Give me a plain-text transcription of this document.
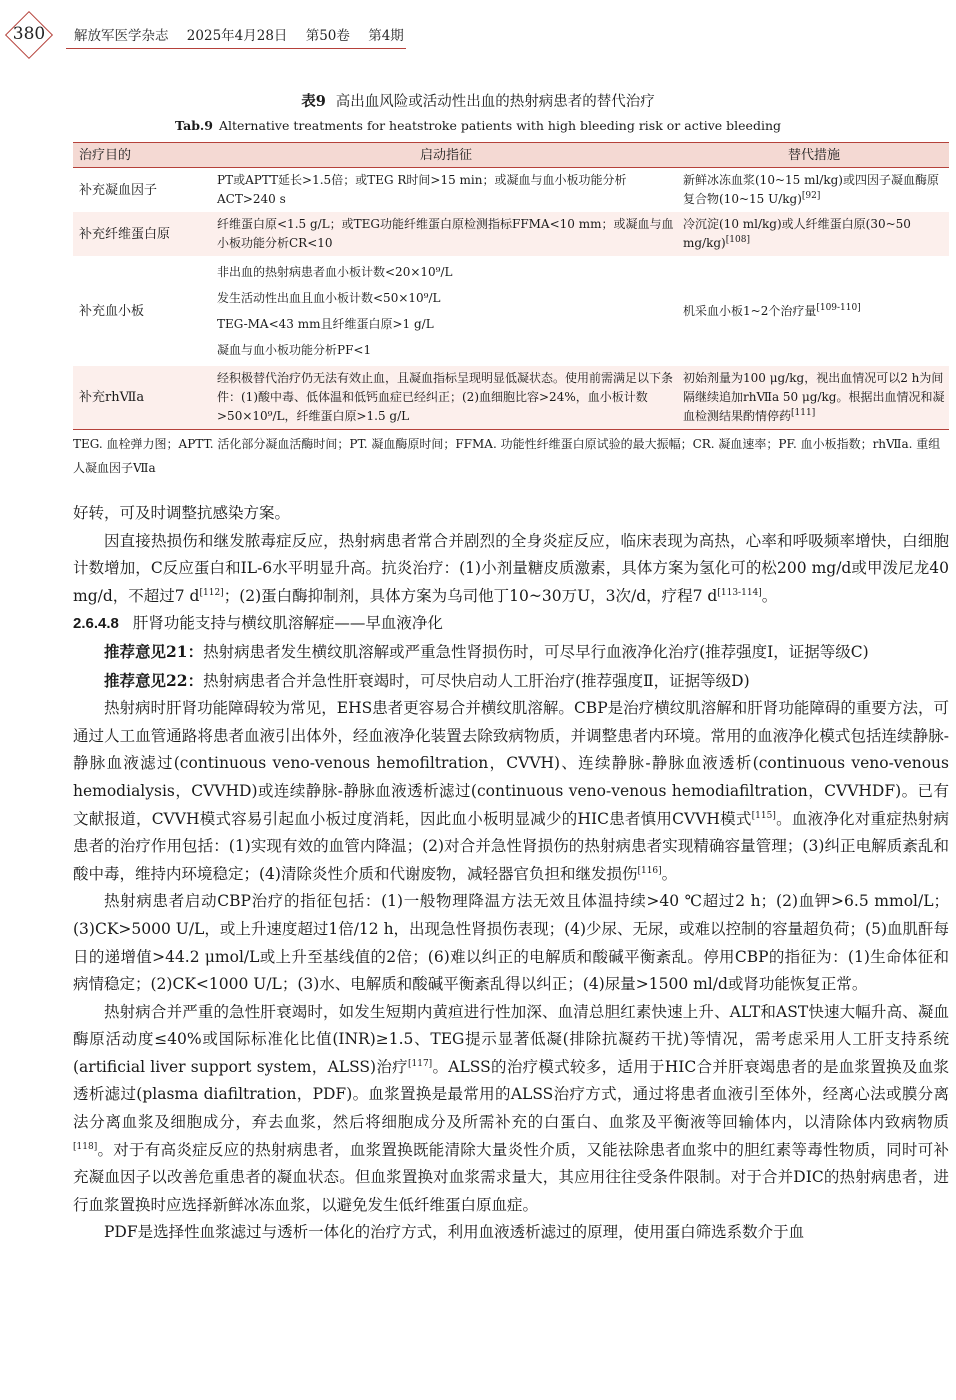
380	解放军医学杂志 2025年4月28日 第50卷 第4期
表9 高出血风险或活动性出血的热射病患者的替代治疗
Tab.9 Alternative treatments for heatstroke patients with high bleeding risk or active bleeding
治疗目的	启动指征	替代措施
补充凝血因子	PT或APTT延长>1.5倍；或TEG R时间>15 min；或凝血与血小板功能分析ACT>240 s	新鲜冰冻血浆(10~15 ml/kg)或四因子凝血酶原复合物(10~15 U/kg)[92]
补充纤维蛋白原	纤维蛋白原<1.5 g/L；或TEG功能纤维蛋白原检测指标FFMA<10 mm；或凝血与血小板功能分析CR<10	冷沉淀(10 ml/kg)或人纤维蛋白原(30~50 mg/kg)[108]
补充血小板	非出血的热射病患者血小板计数<20×10⁹/L
发生活动性出血且血小板计数<50×10⁹/L
TEG-MA<43 mm且纤维蛋白原>1 g/L
凝血与血小板功能分析PF<1	机采血小板1~2个治疗量[109-110]
补充rhⅦa	经积极替代治疗仍无法有效止血，且凝血指标呈现明显低凝状态。使用前需满足以下条件：(1)酸中毒、低体温和低钙血症已经纠正；(2)血细胞比容>24%，血小板计数>50×10⁹/L，纤维蛋白原>1.5 g/L	初始剂量为100 μg/kg，视出血情况可以2 h为间隔继续追加rhⅦa 50 μg/kg。根据出血情况和凝血检测结果酌情停药[111]
TEG. 血栓弹力图；APTT. 活化部分凝血活酶时间；PT. 凝血酶原时间；FFMA. 功能性纤维蛋白原试验的最大振幅；CR. 凝血速率；PF. 血小板指数；rhⅦa. 重组人凝血因子Ⅶa

好转，可及时调整抗感染方案。

因直接热损伤和继发脓毒症反应，热射病患者常合并剧烈的全身炎症反应，临床表现为高热，心率和呼吸频率增快，白细胞计数增加，C反应蛋白和IL-6水平明显升高。抗炎治疗：(1)小剂量糖皮质激素，具体方案为氢化可的松200 mg/d或甲泼尼龙40 mg/d，不超过7 d[112]；(2)蛋白酶抑制剂，具体方案为乌司他丁10~30万U，3次/d，疗程7 d[113-114]。

2.6.4.8 肝肾功能支持与横纹肌溶解症——早血液净化

推荐意见21：热射病患者发生横纹肌溶解或严重急性肾损伤时，可尽早行血液净化治疗(推荐强度Ⅰ，证据等级C)

推荐意见22：热射病患者合并急性肝衰竭时，可尽快启动人工肝治疗(推荐强度Ⅱ，证据等级D)

热射病时肝肾功能障碍较为常见，EHS患者更容易合并横纹肌溶解。CBP是治疗横纹肌溶解和肝肾功能障碍的重要方法，可通过人工血管通路将患者血液引出体外，经血液净化装置去除致病物质，并调整患者内环境。常用的血液净化模式包括连续静脉-静脉血液滤过(continuous veno-venous hemofiltration，CVVH)、连续静脉-静脉血液透析(continuous veno-venous hemodialysis，CVVHD)或连续静脉-静脉血液透析滤过(continuous veno-venous hemodiafiltration，CVVHDF)。已有文献报道，CVVH模式容易引起血小板过度消耗，因此血小板明显减少的HIC患者慎用CVVH模式[115]。血液净化对重症热射病患者的治疗作用包括：(1)实现有效的血管内降温；(2)对合并急性肾损伤的热射病患者实现精确容量管理；(3)纠正电解质紊乱和酸中毒，维持内环境稳定；(4)清除炎性介质和代谢废物，减轻器官负担和继发损伤[116]。

热射病患者启动CBP治疗的指征包括：(1)一般物理降温方法无效且体温持续>40 ℃超过2 h；(2)血钾>6.5 mmol/L；(3)CK>5000 U/L，或上升速度超过1倍/12 h，出现急性肾损伤表现；(4)少尿、无尿，或难以控制的容量超负荷；(5)血肌酐每日的递增值>44.2 μmol/L或上升至基线值的2倍；(6)难以纠正的电解质和酸碱平衡紊乱。停用CBP的指征为：(1)生命体征和病情稳定；(2)CK<1000 U/L；(3)水、电解质和酸碱平衡紊乱得以纠正；(4)尿量>1500 ml/d或肾功能恢复正常。

热射病合并严重的急性肝衰竭时，如发生短期内黄疸进行性加深、血清总胆红素快速上升、ALT和AST快速大幅升高、凝血酶原活动度≤40%或国际标准化比值(INR)≥1.5、TEG提示显著低凝(排除抗凝药干扰)等情况，需考虑采用人工肝支持系统(artificial liver support system，ALSS)治疗[117]。ALSS的治疗模式较多，适用于HIC合并肝衰竭患者的是血浆置换及血浆透析滤过(plasma diafiltration，PDF)。血浆置换是最常用的ALSS治疗方式，通过将患者血液引至体外，经离心法或膜分离法分离血浆及细胞成分，弃去血浆，然后将细胞成分及所需补充的白蛋白、血浆及平衡液等回输体内，以清除体内致病物质[118]。对于有高炎症反应的热射病患者，血浆置换既能清除大量炎性介质，又能祛除患者血浆中的胆红素等毒性物质，同时可补充凝血因子以改善危重患者的凝血状态。但血浆置换对血浆需求量大，其应用往往受条件限制。对于合并DIC的热射病患者，进行血浆置换时应选择新鲜冰冻血浆，以避免发生低纤维蛋白原血症。

PDF是选择性血浆滤过与透析一体化的治疗方式，利用血液透析滤过的原理，使用蛋白筛选系数介于血
